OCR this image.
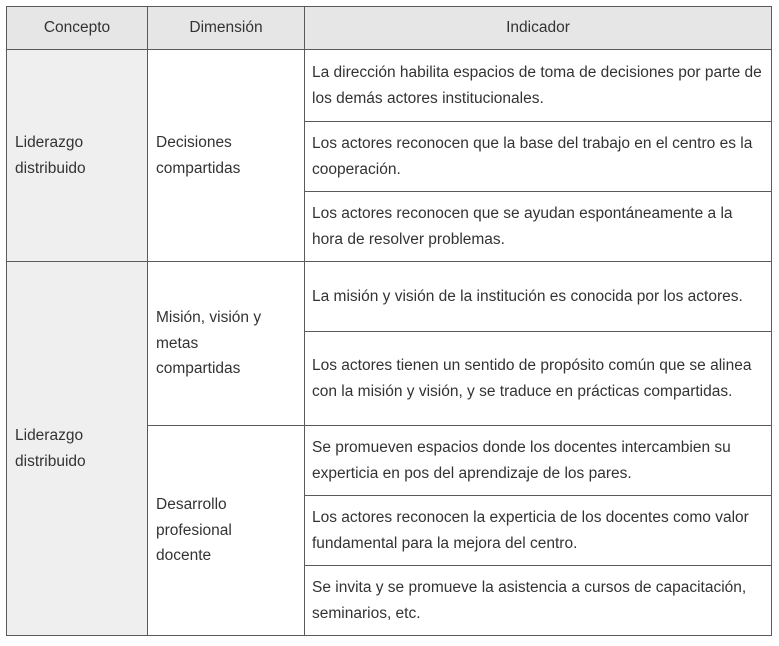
Concepto	Dimensión	Indicador

Liderazgo distribuido	Decisiones compartidas	La dirección habilita espacios de toma de decisiones por parte de los demás actores institucionales.
		Los actores reconocen que la base del trabajo en el centro es la cooperación.
		Los actores reconocen que se ayudan espontáneamente a la hora de resolver problemas.

Liderazgo distribuido	Misión, visión y metas compartidas	La misión y visión de la institución es conocida por los actores.
		Los actores tienen un sentido de propósito común que se alinea con la misión y visión, y se traduce en prácticas compartidas.

	Desarrollo profesional docente	Se promueven espacios donde los docentes intercambien su experticia en pos del aprendizaje de los pares.
		Los actores reconocen la experticia de los docentes como valor fundamental para la mejora del centro.
		Se invita y se promueve la asistencia a cursos de capacitación, seminarios, etc.
